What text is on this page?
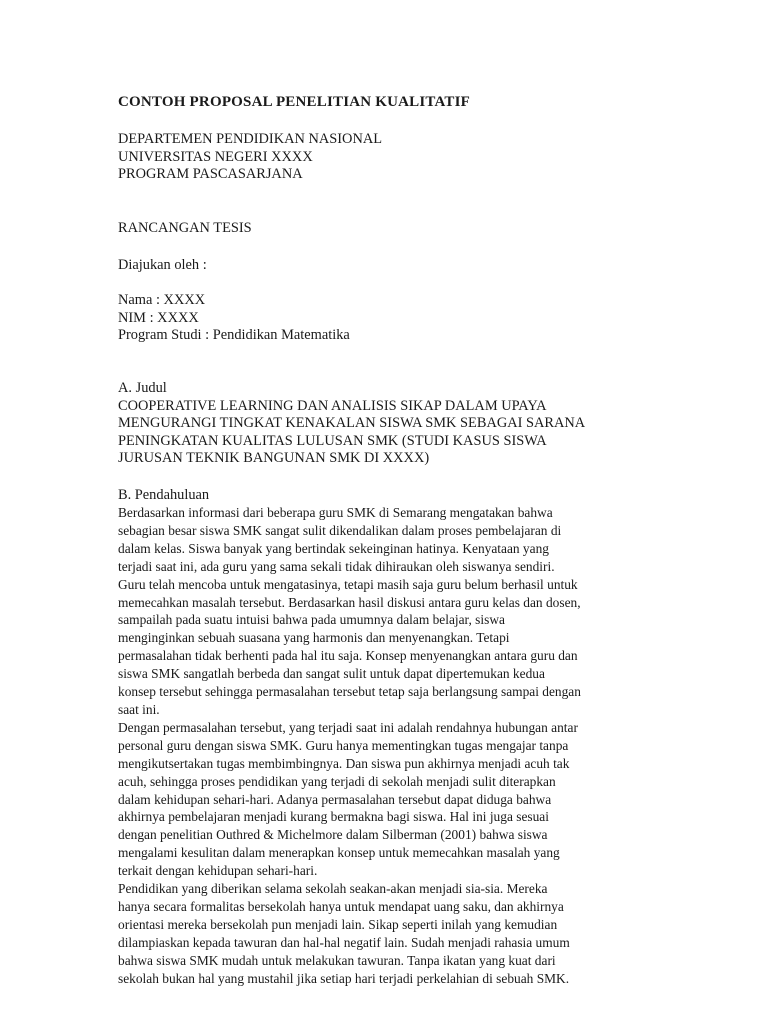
CONTOH PROPOSAL PENELITIAN KUALITATIF
DEPARTEMEN PENDIDIKAN NASIONAL
UNIVERSITAS NEGERI XXXX
PROGRAM PASCASARJANA
RANCANGAN TESIS
Diajukan oleh :
Nama : XXXX
NIM : XXXX
Program Studi : Pendidikan Matematika
A. Judul
COOPERATIVE LEARNING DAN ANALISIS SIKAP DALAM UPAYA
MENGURANGI TINGKAT KENAKALAN SISWA SMK SEBAGAI SARANA
PENINGKATAN KUALITAS LULUSAN SMK (STUDI KASUS SISWA
JURUSAN TEKNIK BANGUNAN SMK DI XXXX)
B. Pendahuluan
Berdasarkan informasi dari beberapa guru SMK di Semarang mengatakan bahwa
sebagian besar siswa SMK sangat sulit dikendalikan dalam proses pembelajaran di
dalam kelas. Siswa banyak yang bertindak sekeinginan hatinya. Kenyataan yang
terjadi saat ini, ada guru yang sama sekali tidak dihiraukan oleh siswanya sendiri.
Guru telah mencoba untuk mengatasinya, tetapi masih saja guru belum berhasil untuk
memecahkan masalah tersebut. Berdasarkan hasil diskusi antara guru kelas dan dosen,
sampailah pada suatu intuisi bahwa pada umumnya dalam belajar, siswa
menginginkan sebuah suasana yang harmonis dan menyenangkan. Tetapi
permasalahan tidak berhenti pada hal itu saja. Konsep menyenangkan antara guru dan
siswa SMK sangatlah berbeda dan sangat sulit untuk dapat dipertemukan kedua
konsep tersebut sehingga permasalahan tersebut tetap saja berlangsung sampai dengan
saat ini.
Dengan permasalahan tersebut, yang terjadi saat ini adalah rendahnya hubungan antar
personal guru dengan siswa SMK. Guru hanya mementingkan tugas mengajar tanpa
mengikutsertakan tugas membimbingnya. Dan siswa pun akhirnya menjadi acuh tak
acuh, sehingga proses pendidikan yang terjadi di sekolah menjadi sulit diterapkan
dalam kehidupan sehari-hari. Adanya permasalahan tersebut dapat diduga bahwa
akhirnya pembelajaran menjadi kurang bermakna bagi siswa. Hal ini juga sesuai
dengan penelitian Outhred & Michelmore dalam Silberman (2001) bahwa siswa
mengalami kesulitan dalam menerapkan konsep untuk memecahkan masalah yang
terkait dengan kehidupan sehari-hari.
Pendidikan yang diberikan selama sekolah seakan-akan menjadi sia-sia. Mereka
hanya secara formalitas bersekolah hanya untuk mendapat uang saku, dan akhirnya
orientasi mereka bersekolah pun menjadi lain. Sikap seperti inilah yang kemudian
dilampiaskan kepada tawuran dan hal-hal negatif lain. Sudah menjadi rahasia umum
bahwa siswa SMK mudah untuk melakukan tawuran. Tanpa ikatan yang kuat dari
sekolah bukan hal yang mustahil jika setiap hari terjadi perkelahian di sebuah SMK.
